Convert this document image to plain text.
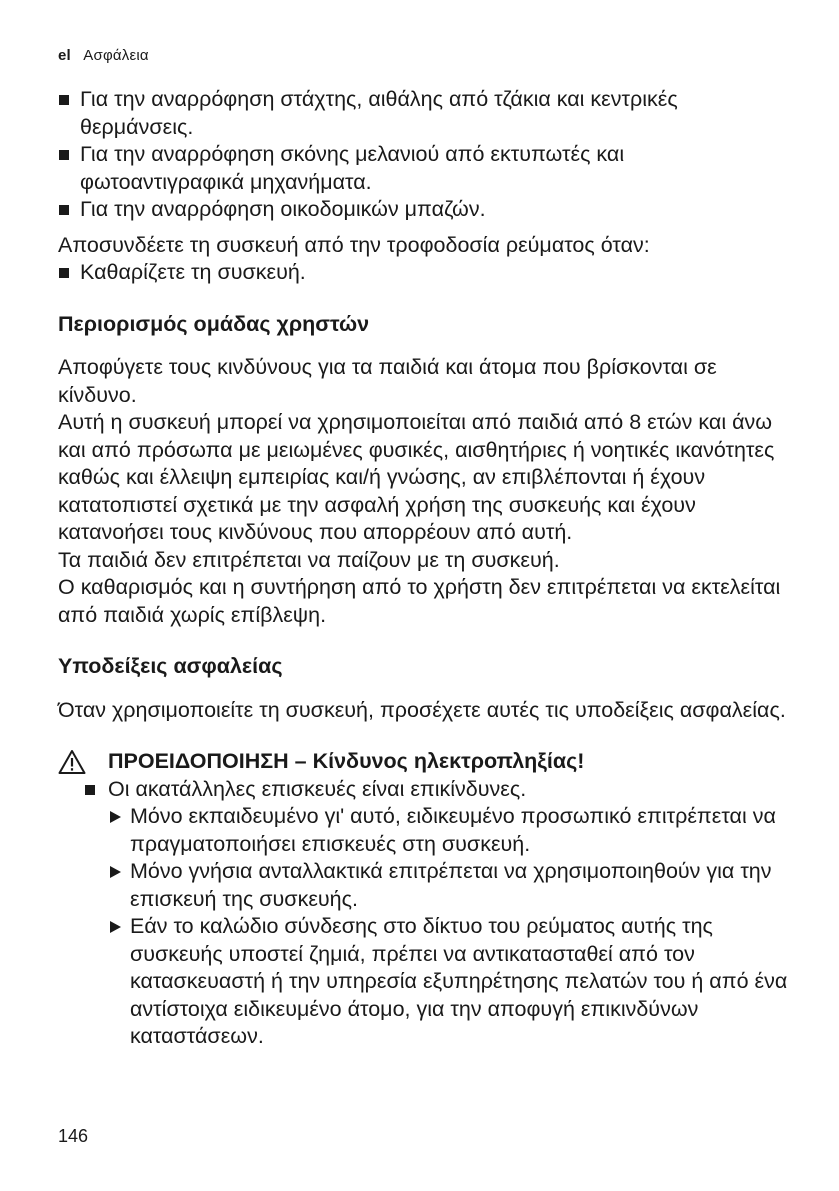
el Ασφάλεια
Για την αναρρόφηση στάχτης, αιθάλης από τζάκια και κεντρικές θερμάνσεις.
Για την αναρρόφηση σκόνης μελανιού από εκτυπωτές και φωτοαντιγραφικά μηχανήματα.
Για την αναρρόφηση οικοδομικών μπαζών.

Αποσυνδέετε τη συσκευή από την τροφοδοσία ρεύματος όταν:

Καθαρίζετε τη συσκευή.
Περιορισμός ομάδας χρηστών

Αποφύγετε τους κινδύνους για τα παιδιά και άτομα που βρίσκονται σε κίνδυνο.

Αυτή η συσκευή μπορεί να χρησιμοποιείται από παιδιά από 8 ετών και άνω και από πρόσωπα με μειωμένες φυσικές, αισθητήριες ή νοητικές ικανότητες καθώς και έλλειψη εμπειρίας και/ή γνώσης, αν επιβλέπονται ή έχουν κατατοπιστεί σχετικά με την ασφαλή χρήση της συσκευής και έχουν κατανοήσει τους κινδύνους που απορρέουν από αυτή.

Τα παιδιά δεν επιτρέπεται να παίζουν με τη συσκευή.

Ο καθαρισμός και η συντήρηση από το χρήστη δεν επιτρέπεται να εκτελείται από παιδιά χωρίς επίβλεψη.

Υποδείξεις ασφαλείας

Όταν χρησιμοποιείτε τη συσκευή, προσέχετε αυτές τις υποδείξεις ασφαλείας.

ΠΡΟΕΙΔΟΠΟΙΗΣΗ – Κίνδυνος ηλεκτροπληξίας!
Οι ακατάλληλες επισκευές είναι επικίνδυνες.
Μόνο εκπαιδευμένο γι' αυτό, ειδικευμένο προσωπικό επιτρέπεται να πραγματοποιήσει επισκευές στη συσκευή.
Μόνο γνήσια ανταλλακτικά επιτρέπεται να χρησιμοποιηθούν για την επισκευή της συσκευής.
Εάν το καλώδιο σύνδεσης στο δίκτυο του ρεύματος αυτής της συσκευής υποστεί ζημιά, πρέπει να αντικατασταθεί από τον κατασκευαστή ή την υπηρεσία εξυπηρέτησης πελατών του ή από ένα αντίστοιχα ειδικευμένο άτομο, για την αποφυγή επικινδύνων καταστάσεων.
146
